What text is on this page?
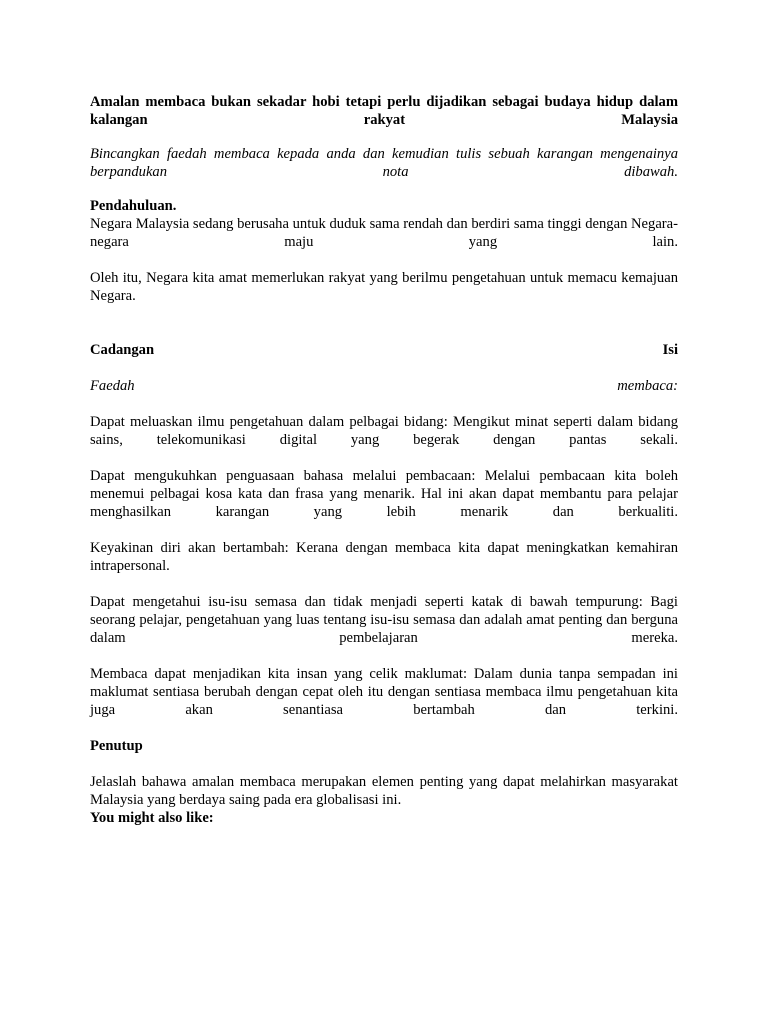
Amalan membaca bukan sekadar hobi tetapi perlu dijadikan sebagai budaya hidup dalam kalangan rakyat Malaysia

Bincangkan faedah membaca kepada anda dan kemudian tulis sebuah karangan mengenainya berpandukan nota dibawah.

Pendahuluan.

Negara Malaysia sedang berusaha untuk duduk sama rendah dan berdiri sama tinggi dengan Negara-negara maju yang lain.

Oleh itu, Negara kita amat memerlukan rakyat yang berilmu pengetahuan untuk memacu kemajuan Negara.

Cadangan Isi

Faedah membaca:

Dapat meluaskan ilmu pengetahuan dalam pelbagai bidang: Mengikut minat seperti dalam bidang sains, telekomunikasi digital yang begerak dengan pantas sekali.

Dapat mengukuhkan penguasaan bahasa melalui pembacaan: Melalui pembacaan kita boleh menemui pelbagai kosa kata dan frasa yang menarik. Hal ini akan dapat membantu para pelajar menghasilkan karangan yang lebih menarik dan berkualiti.

Keyakinan diri akan bertambah: Kerana dengan membaca kita dapat meningkatkan kemahiran intrapersonal.

Dapat mengetahui isu-isu semasa dan tidak menjadi seperti katak di bawah tempurung: Bagi seorang pelajar, pengetahuan yang luas tentang isu-isu semasa dan adalah amat penting dan berguna dalam pembelajaran mereka.

Membaca dapat menjadikan kita insan yang celik maklumat: Dalam dunia tanpa sempadan ini maklumat sentiasa berubah dengan cepat oleh itu dengan sentiasa membaca ilmu pengetahuan kita juga akan senantiasa bertambah dan terkini.

Penutup

Jelaslah bahawa amalan membaca merupakan elemen penting yang dapat melahirkan masyarakat Malaysia yang berdaya saing pada era globalisasi ini.

You might also like:
